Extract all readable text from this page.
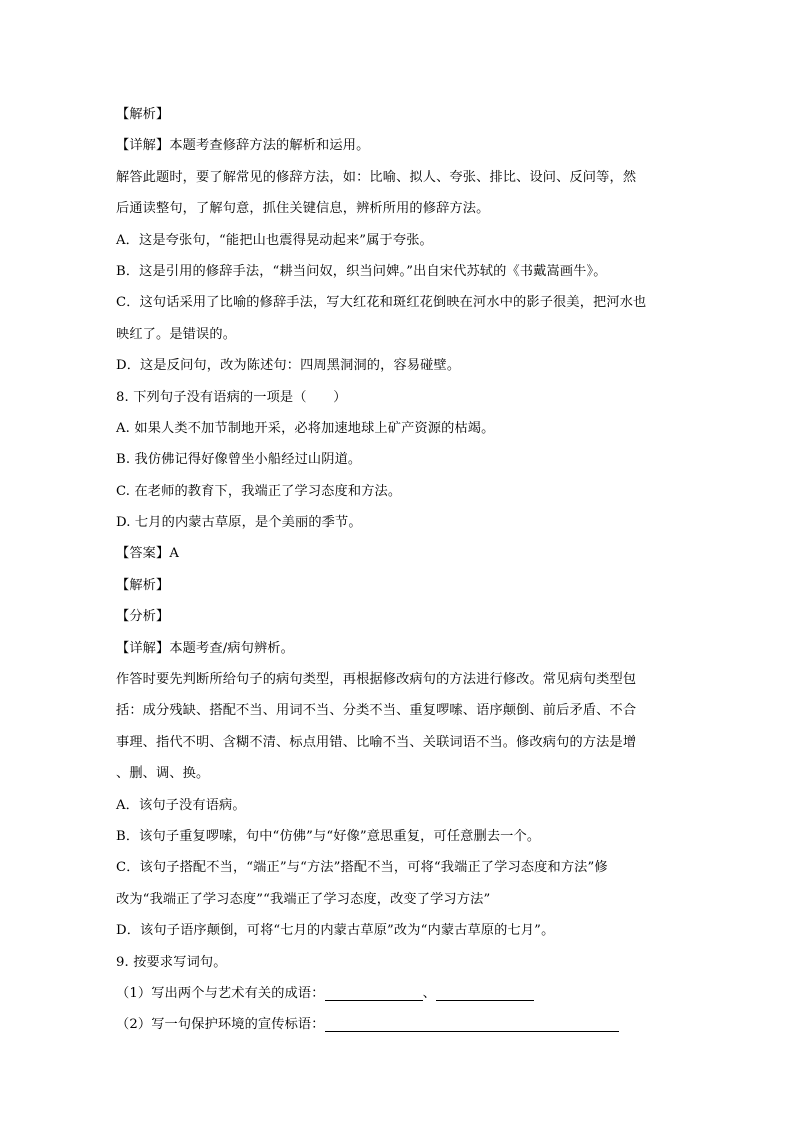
【解析】
【详解】本题考查修辞方法的解析和运用。
解答此题时，要了解常见的修辞方法，如：比喻、拟人、夸张、排比、设问、反问等，然
后通读整句，了解句意，抓住关键信息，辨析所用的修辞方法。
A．这是夸张句，“能把山也震得晃动起来”属于夸张。
B．这是引用的修辞手法，“耕当问奴，织当问婢。”出自宋代苏轼的《书戴嵩画牛》。
C．这句话采用了比喻的修辞手法，写大红花和斑红花倒映在河水中的影子很美，把河水也
映红了。是错误的。
D．这是反问句，改为陈述句：四周黑洞洞的，容易碰壁。
8. 下列句子没有语病的一项是（　　）
A. 如果人类不加节制地开采，必将加速地球上矿产资源的枯竭。
B. 我仿佛记得好像曾坐小船经过山阴道。
C. 在老师的教育下，我端正了学习态度和方法。
D. 七月的内蒙古草原，是个美丽的季节。
【答案】A
【解析】
【分析】
【详解】本题考查/病句辨析。
作答时要先判断所给句子的病句类型，再根据修改病句的方法进行修改。常见病句类型包
括：成分残缺、搭配不当、用词不当、分类不当、重复啰嗦、语序颠倒、前后矛盾、不合
事理、指代不明、含糊不清、标点用错、比喻不当、关联词语不当。修改病句的方法是增
、删、调、换。
A．该句子没有语病。
B．该句子重复啰嗦，句中“仿佛”与“好像”意思重复，可任意删去一个。
C．该句子搭配不当，“端正”与“方法”搭配不当，可将“我端正了学习态度和方法”修
改为“我端正了学习态度”“我端正了学习态度，改变了学习方法”
D．该句子语序颠倒，可将“七月的内蒙古草原”改为“内蒙古草原的七月”。
9. 按要求写词句。
（1）写出两个与艺术有关的成语：	、
（2）写一句保护环境的宣传标语：
